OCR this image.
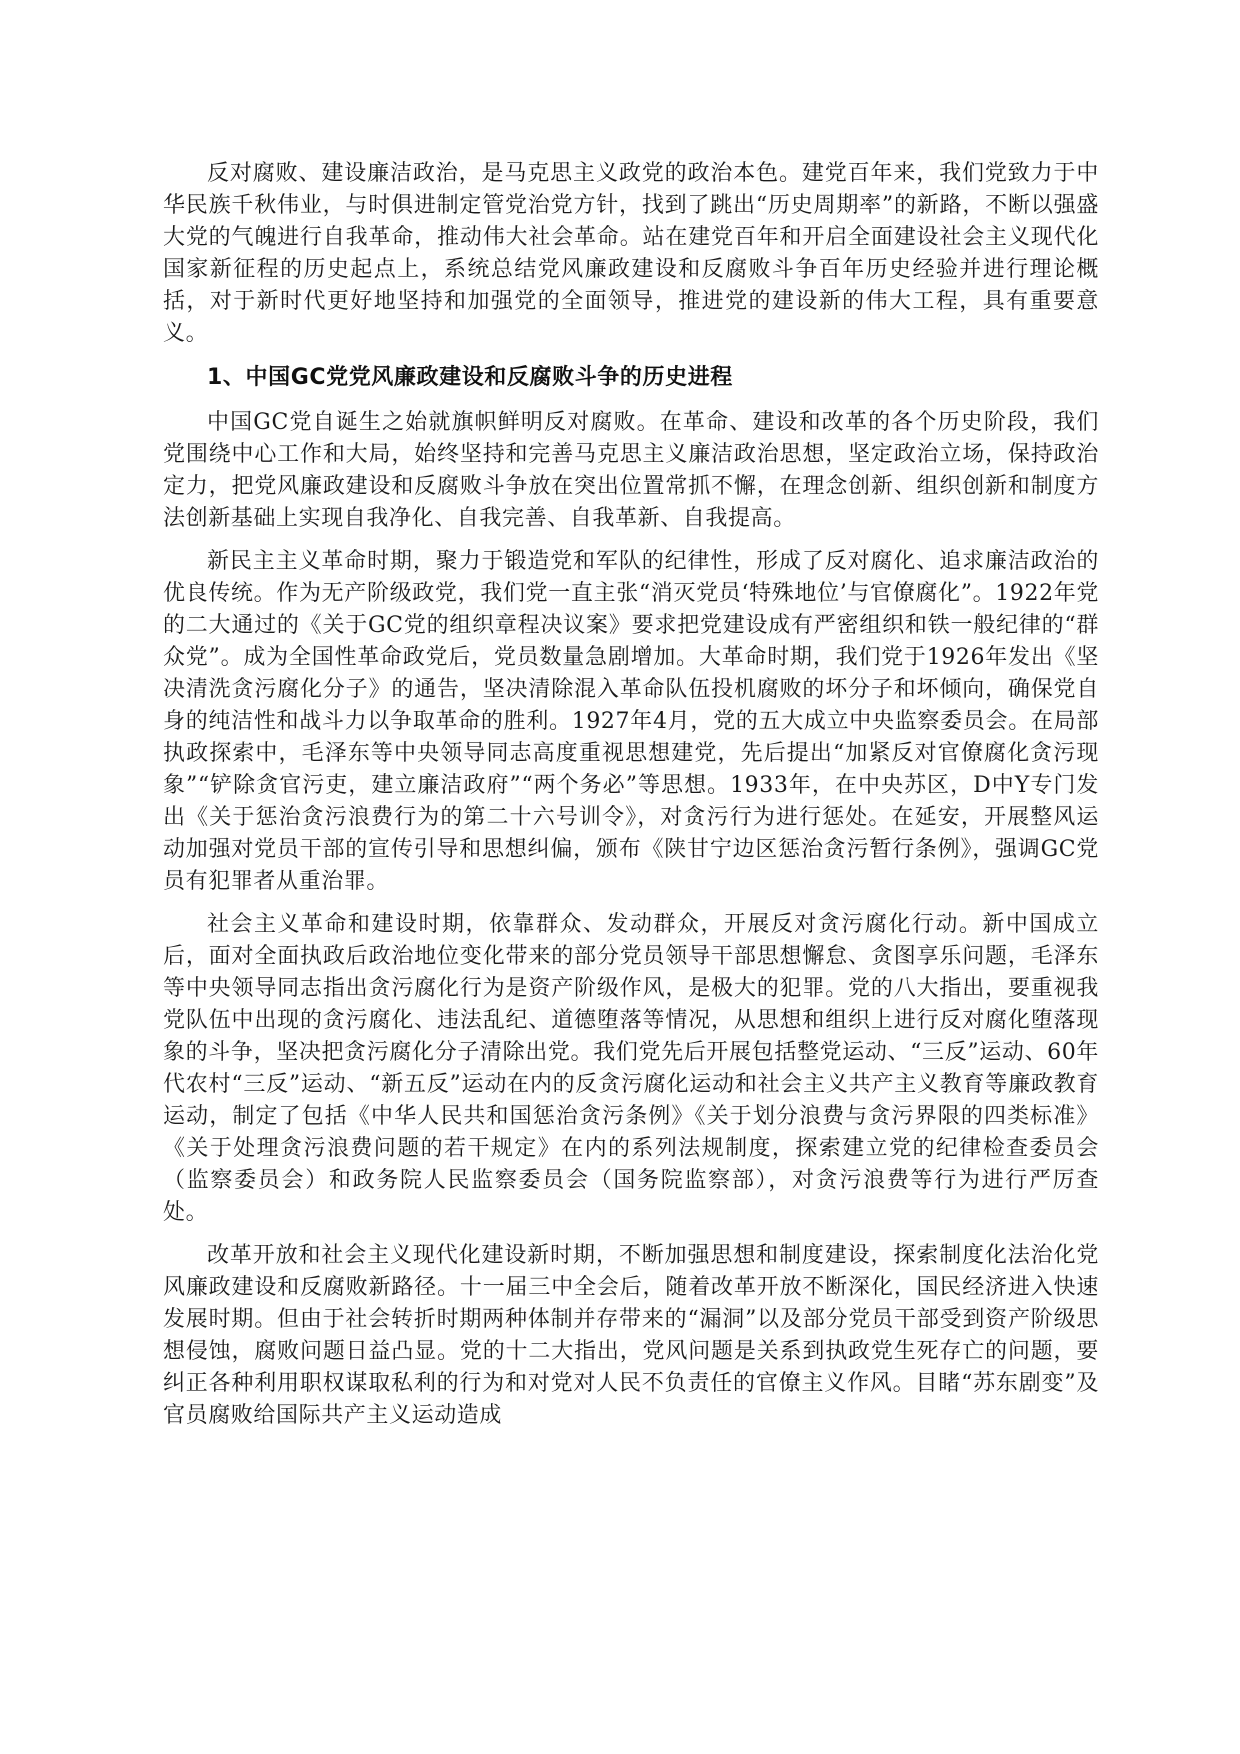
反对腐败、建设廉洁政治，是马克思主义政党的政治本色。建党百年来，我们党致力于中华民族千秋伟业，与时俱进制定管党治党方针，找到了跳出“历史周期率”的新路，不断以强盛大党的气魄进行自我革命，推动伟大社会革命。站在建党百年和开启全面建设社会主义现代化国家新征程的历史起点上，系统总结党风廉政建设和反腐败斗争百年历史经验并进行理论概括，对于新时代更好地坚持和加强党的全面领导，推进党的建设新的伟大工程，具有重要意义。

1、中国GC党党风廉政建设和反腐败斗争的历史进程

中国GC党自诞生之始就旗帜鲜明反对腐败。在革命、建设和改革的各个历史阶段，我们党围绕中心工作和大局，始终坚持和完善马克思主义廉洁政治思想，坚定政治立场，保持政治定力，把党风廉政建设和反腐败斗争放在突出位置常抓不懈，在理念创新、组织创新和制度方法创新基础上实现自我净化、自我完善、自我革新、自我提高。

新民主主义革命时期，聚力于锻造党和军队的纪律性，形成了反对腐化、追求廉洁政治的优良传统。作为无产阶级政党，我们党一直主张“消灭党员‘特殊地位’与官僚腐化”。1922年党的二大通过的《关于GC党的组织章程决议案》要求把党建设成有严密组织和铁一般纪律的“群众党”。成为全国性革命政党后，党员数量急剧增加。大革命时期，我们党于1926年发出《坚决清洗贪污腐化分子》的通告，坚决清除混入革命队伍投机腐败的坏分子和坏倾向，确保党自身的纯洁性和战斗力以争取革命的胜利。1927年4月，党的五大成立中央监察委员会。在局部执政探索中，毛泽东等中央领导同志高度重视思想建党，先后提出“加紧反对官僚腐化贪污现象”“铲除贪官污吏，建立廉洁政府”“两个务必”等思想。1933年，在中央苏区，D中Y专门发出《关于惩治贪污浪费行为的第二十六号训令》，对贪污行为进行惩处。在延安，开展整风运动加强对党员干部的宣传引导和思想纠偏，颁布《陕甘宁边区惩治贪污暂行条例》，强调GC党员有犯罪者从重治罪。

社会主义革命和建设时期，依靠群众、发动群众，开展反对贪污腐化行动。新中国成立后，面对全面执政后政治地位变化带来的部分党员领导干部思想懈怠、贪图享乐问题，毛泽东等中央领导同志指出贪污腐化行为是资产阶级作风，是极大的犯罪。党的八大指出，要重视我党队伍中出现的贪污腐化、违法乱纪、道德堕落等情况，从思想和组织上进行反对腐化堕落现象的斗争，坚决把贪污腐化分子清除出党。我们党先后开展包括整党运动、“三反”运动、60年代农村“三反”运动、“新五反”运动在内的反贪污腐化运动和社会主义共产主义教育等廉政教育运动，制定了包括《中华人民共和国惩治贪污条例》《关于划分浪费与贪污界限的四类标准》《关于处理贪污浪费问题的若干规定》在内的系列法规制度，探索建立党的纪律检查委员会（监察委员会）和政务院人民监察委员会（国务院监察部），对贪污浪费等行为进行严厉查处。

改革开放和社会主义现代化建设新时期，不断加强思想和制度建设，探索制度化法治化党风廉政建设和反腐败新路径。十一届三中全会后，随着改革开放不断深化，国民经济进入快速发展时期。但由于社会转折时期两种体制并存带来的“漏洞”以及部分党员干部受到资产阶级思想侵蚀，腐败问题日益凸显。党的十二大指出，党风问题是关系到执政党生死存亡的问题，要纠正各种利用职权谋取私利的行为和对党对人民不负责任的官僚主义作风。目睹“苏东剧变”及官员腐败给国际共产主义运动造成
